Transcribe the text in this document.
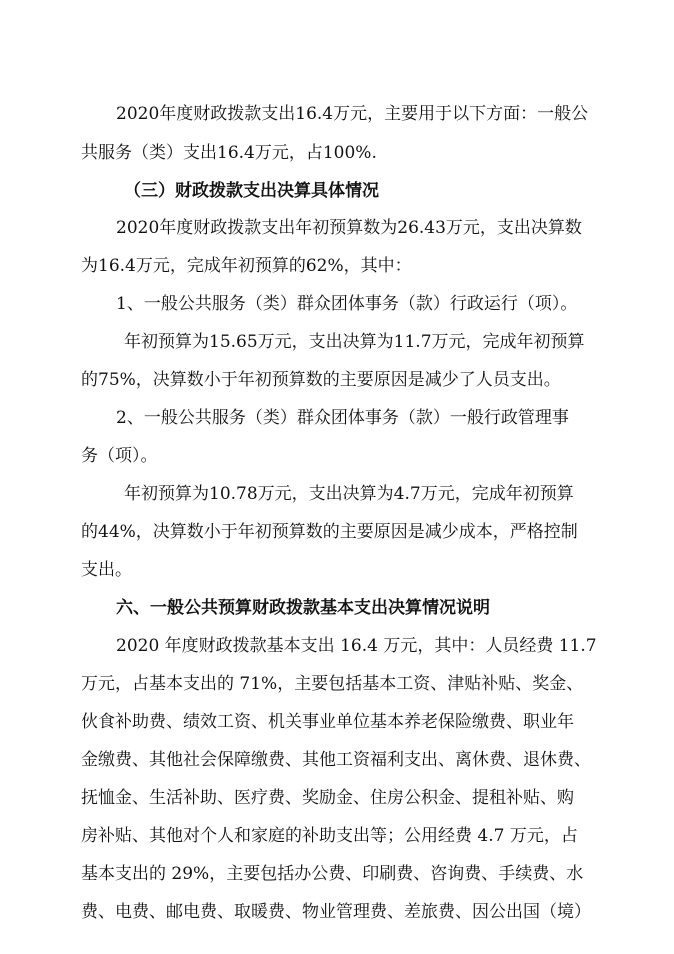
2020年度财政拨款支出16.4万元，主要用于以下方面：一般公
共服务（类）支出16.4万元，占100%.
（三）财政拨款支出决算具体情况
2020年度财政拨款支出年初预算数为26.43万元，支出决算数
为16.4万元，完成年初预算的62%，其中：
1、一般公共服务（类）群众团体事务（款）行政运行（项）。
年初预算为15.65万元，支出决算为11.7万元，完成年初预算
的75%，决算数小于年初预算数的主要原因是减少了人员支出。
2、一般公共服务（类）群众团体事务（款）一般行政管理事
务（项）。
年初预算为10.78万元，支出决算为4.7万元，完成年初预算
的44%，决算数小于年初预算数的主要原因是减少成本，严格控制
支出。
六、一般公共预算财政拨款基本支出决算情况说明
2020 年度财政拨款基本支出 16.4 万元，其中：人员经费 11.7
万元，占基本支出的 71%，主要包括基本工资、津贴补贴、奖金、
伙食补助费、绩效工资、机关事业单位基本养老保险缴费、职业年
金缴费、其他社会保障缴费、其他工资福利支出、离休费、退休费、
抚恤金、生活补助、医疗费、奖励金、住房公积金、提租补贴、购
房补贴、其他对个人和家庭的补助支出等；公用经费 4.7 万元，占
基本支出的 29%，主要包括办公费、印刷费、咨询费、手续费、水
费、电费、邮电费、取暖费、物业管理费、差旅费、因公出国（境）
